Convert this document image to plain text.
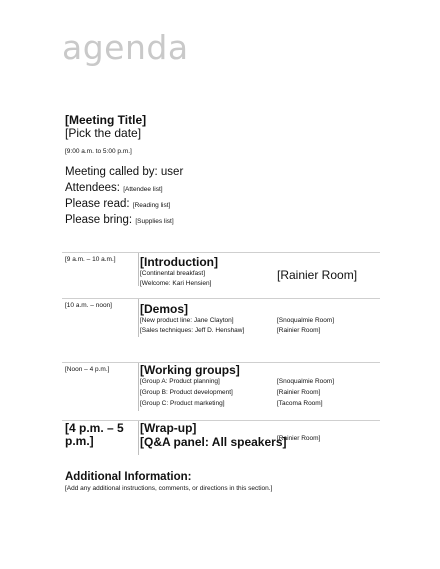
agenda
[Meeting Title]
[Pick the date]
[9:00 a.m. to 5:00 p.m.]
Meeting called by: user
Attendees: [Attendee list]
Please read: [Reading list]
Please bring: [Supplies list]
[9 a.m. – 10 a.m.] [Introduction]
[Continental breakfast]
[Welcome: Kari Hensien]
[Rainier Room]
[10 a.m. – noon] [Demos]
[New product line: Jane Clayton]
[Sales techniques: Jeff D. Henshaw]
[Snoqualmie Room]
[Rainier Room]
[Noon – 4 p.m.]	[Working groups]
[Group A: Product planning]
[Group B: Product development]
[Group C: Product marketing]
[Snoqualmie Room]
[Rainier Room]
[Tacoma Room]
[4 p.m. – 5
p.m.]
[Wrap-up]
[Q&A panel: All speakers]
[Rainier Room]
Additional Information:
[Add any additional instructions, comments, or directions in this section.]
